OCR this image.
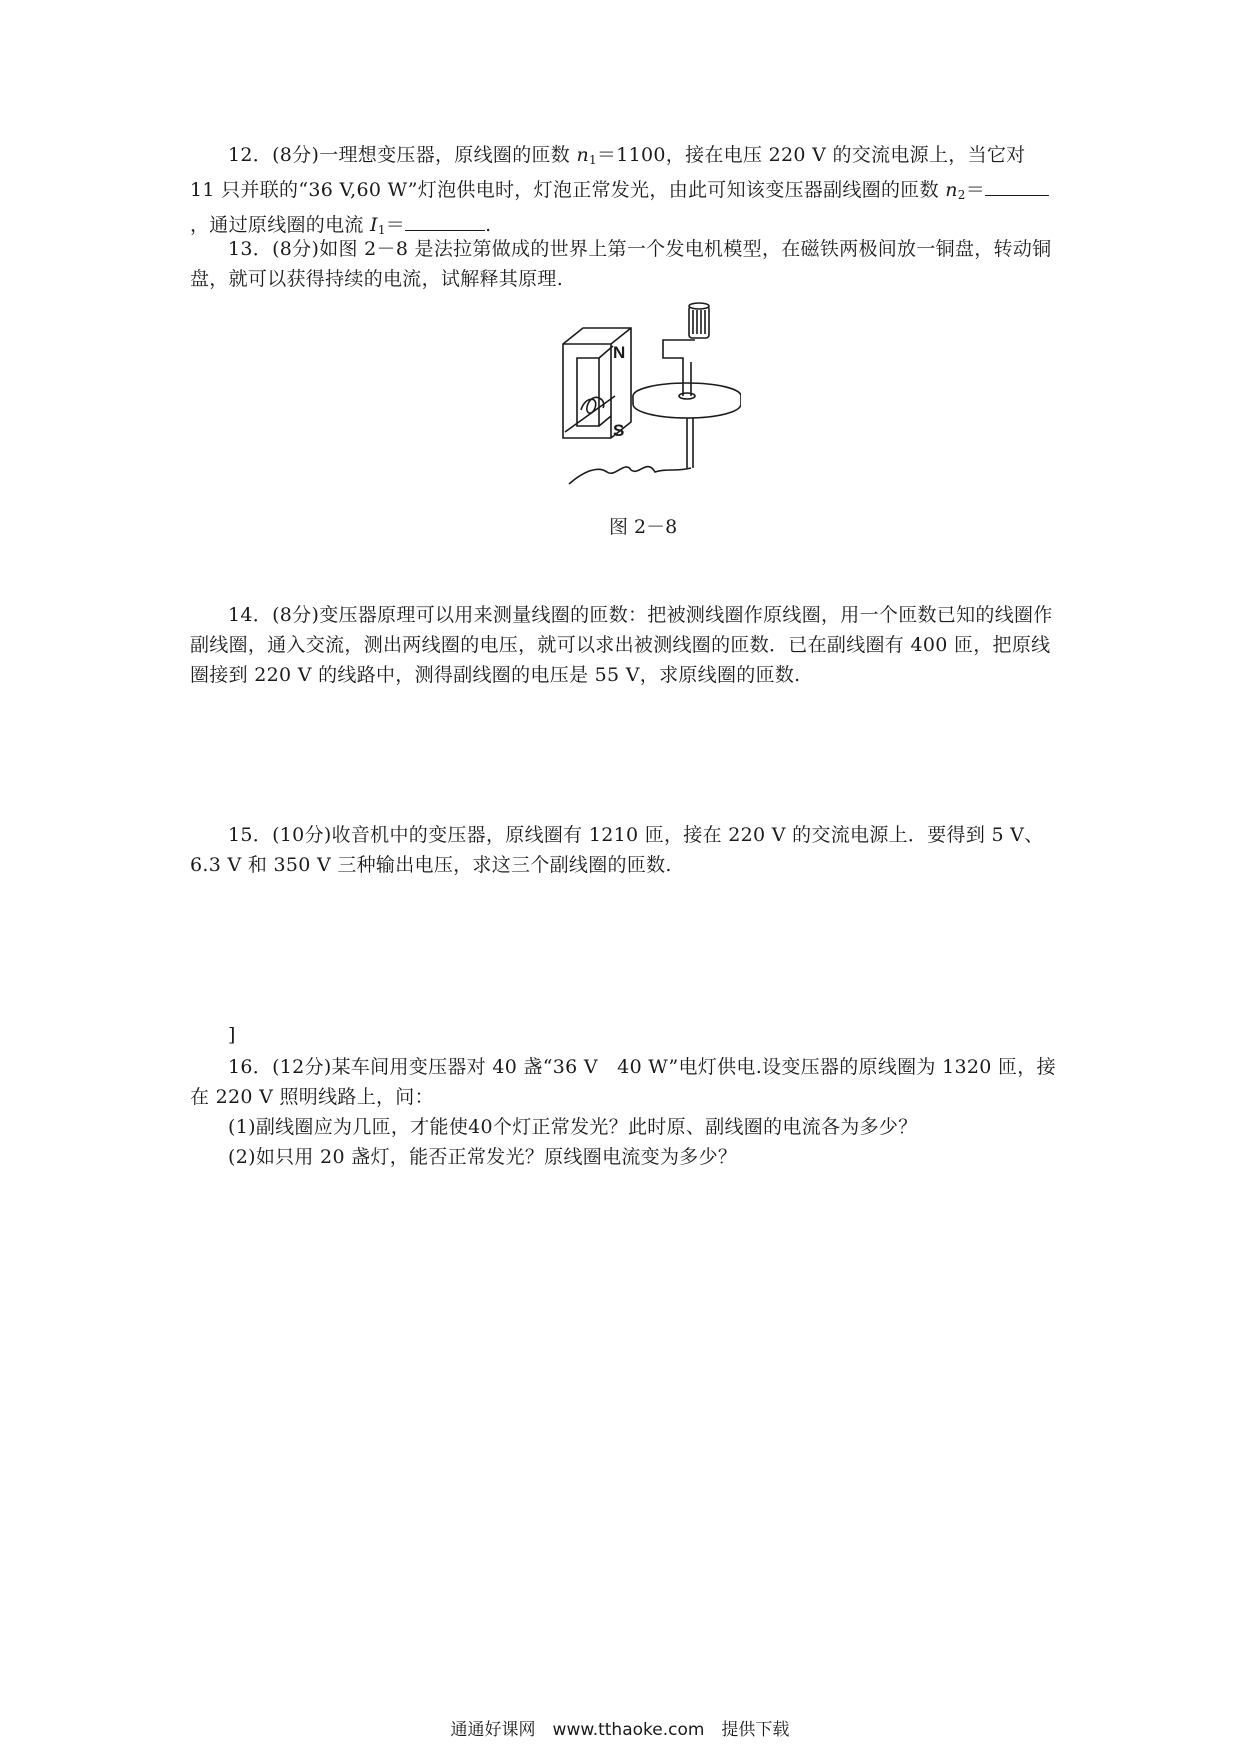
12．(8分)一理想变压器，原线圈的匝数 n1＝1100，接在电压 220 V 的交流电源上，当它对 11 只并联的“36 V,60 W”灯泡供电时，灯泡正常发光，由此可知该变压器副线圈的匝数 n2＝，通过原线圈的电流 I1＝	.

13．(8分)如图 2－8 是法拉第做成的世界上第一个发电机模型，在磁铁两极间放一铜盘，转动铜盘，就可以获得持续的电流，试解释其原理.

N
S
图 2－8

14．(8分)变压器原理可以用来测量线圈的匝数：把被测线圈作原线圈，用一个匝数已知的线圈作副线圈，通入交流，测出两线圈的电压，就可以求出被测线圈的匝数．已在副线圈有 400 匝，把原线圈接到 220 V 的线路中，测得副线圈的电压是 55 V，求原线圈的匝数.

15．(10分)收音机中的变压器，原线圈有 1210 匝，接在 220 V 的交流电源上．要得到 5 V、6.3 V 和 350 V 三种输出电压，求这三个副线圈的匝数.

]

16．(12分)某车间用变压器对 40 盏“36 V　40 W”电灯供电.设变压器的原线圈为 1320 匝，接在 220 V 照明线路上，问：

(1)副线圈应为几匝，才能使40个灯正常发光？此时原、副线圈的电流各为多少？

(2)如只用 20 盏灯，能否正常发光？原线圈电流变为多少？

通通好课网　www.tthaoke.com　提供下载
